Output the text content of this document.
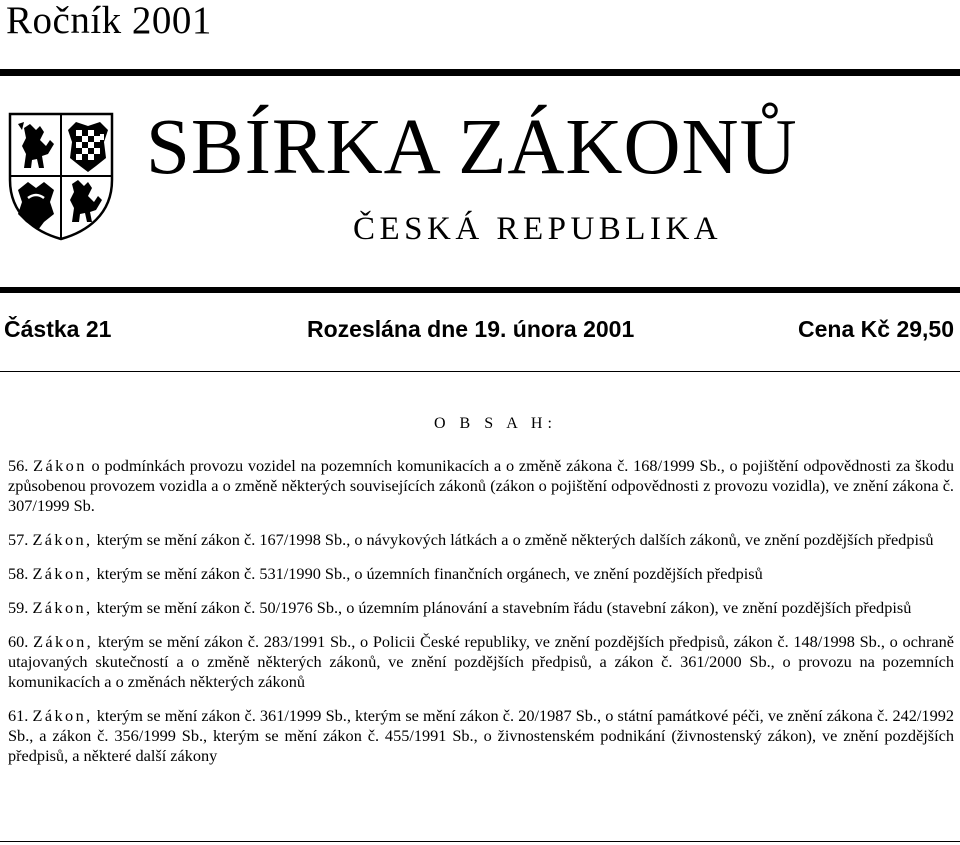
Ročník 2001
SBÍRKA ZÁKONŮ
ČESKÁ REPUBLIKA
Částka 21	Rozeslána dne 19. února 2001	Cena Kč 29,50
O B S A H:
56. Zákon o podmínkách provozu vozidel na pozemních komunikacích a o změně zákona č. 168/1999 Sb., o pojištění odpovědnosti za škodu způsobenou provozem vozidla a o změně některých souvisejících zákonů (zákon o pojištění odpovědnosti z provozu vozidla), ve znění zákona č. 307/1999 Sb.
57. Zákon, kterým se mění zákon č. 167/1998 Sb., o návykových látkách a o změně některých dalších zákonů, ve znění pozdějších předpisů
58. Zákon, kterým se mění zákon č. 531/1990 Sb., o územních finančních orgánech, ve znění pozdějších předpisů
59. Zákon, kterým se mění zákon č. 50/1976 Sb., o územním plánování a stavebním řádu (stavební zákon), ve znění pozdějších předpisů
60. Zákon, kterým se mění zákon č. 283/1991 Sb., o Policii České republiky, ve znění pozdějších předpisů, zákon č. 148/1998 Sb., o ochraně utajovaných skutečností a o změně některých zákonů, ve znění pozdějších předpisů, a zákon č. 361/2000 Sb., o provozu na pozemních komunikacích a o změnách některých zákonů
61. Zákon, kterým se mění zákon č. 361/1999 Sb., kterým se mění zákon č. 20/1987 Sb., o státní památkové péči, ve znění zákona č. 242/1992 Sb., a zákon č. 356/1999 Sb., kterým se mění zákon č. 455/1991 Sb., o živnostenském podnikání (živnostenský zákon), ve znění pozdějších předpisů, a některé další zákony
